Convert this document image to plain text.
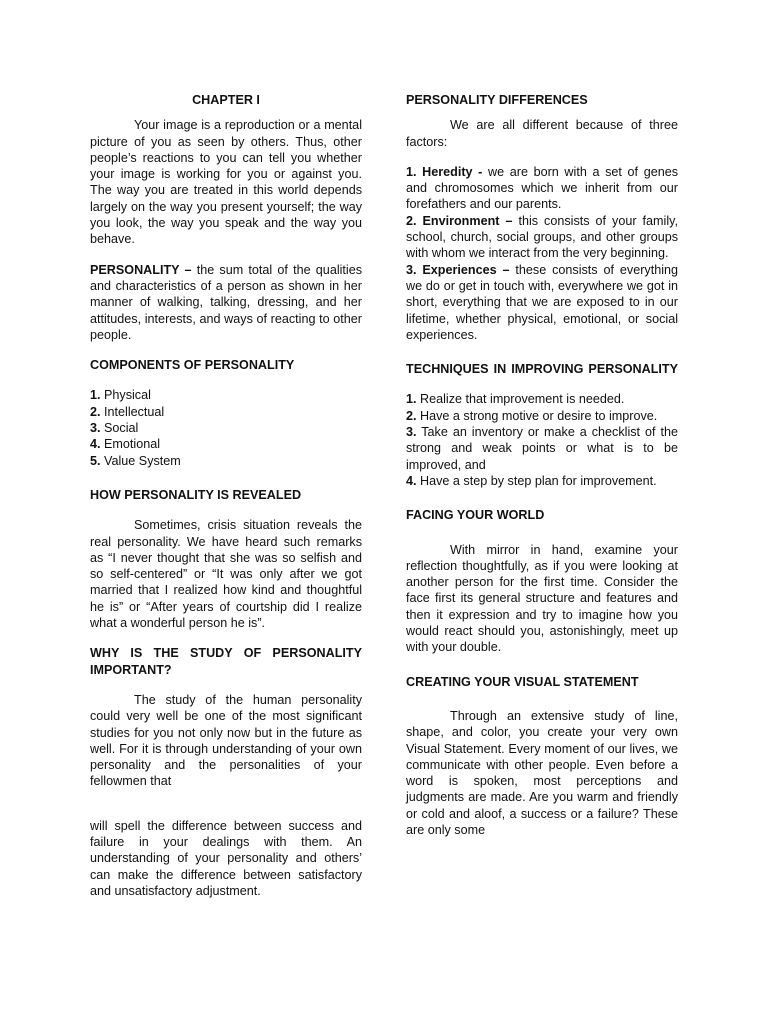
CHAPTER I

Your image is a reproduction or a mental picture of you as seen by others. Thus, other people’s reactions to you can tell you whether your image is working for you or against you. The way you are treated in this world depends largely on the way you present yourself; the way you look, the way you speak and the way you behave.

PERSONALITY – the sum total of the qualities and characteristics of a person as shown in her manner of walking, talking, dressing, and her attitudes, interests, and ways of reacting to other people.

COMPONENTS OF PERSONALITY
1. Physical
2. Intellectual
3. Social
4. Emotional
5. Value System
HOW PERSONALITY IS REVEALED

Sometimes, crisis situation reveals the real personality. We have heard such remarks as “I never thought that she was so selfish and so self-centered” or “It was only after we got married that I realized how kind and thoughtful he is” or “After years of courtship did I realize what a wonderful person he is”.

WHY IS THE STUDY OF PERSONALITY IMPORTANT?

The study of the human personality could very well be one of the most significant studies for you not only now but in the future as well. For it is through understanding of your own personality and the personalities of your fellowmen that

will spell the difference between success and failure in your dealings with them. An understanding of your personality and others’ can make the difference between satisfactory and unsatisfactory adjustment.

PERSONALITY DIFFERENCES

We are all different because of three factors:

1. Heredity - we are born with a set of genes and chromosomes which we inherit from our forefathers and our parents.

2. Environment – this consists of your family, school, church, social groups, and other groups with whom we interact from the very beginning.

3. Experiences – these consists of everything we do or get in touch with, everywhere we got in short, everything that we are exposed to in our lifetime, whether physical, emotional, or social experiences.

TECHNIQUES IN IMPROVING PERSONALITY

1. Realize that improvement is needed.

2. Have a strong motive or desire to improve.

3. Take an inventory or make a checklist of the strong and weak points or what is to be improved, and

4. Have a step by step plan for improvement.

FACING YOUR WORLD

With mirror in hand, examine your reflection thoughtfully, as if you were looking at another person for the first time. Consider the face first its general structure and features and then it expression and try to imagine how you would react should you, astonishingly, meet up with your double.

CREATING YOUR VISUAL STATEMENT

Through an extensive study of line, shape, and color, you create your very own Visual Statement. Every moment of our lives, we communicate with other people. Even before a word is spoken, most perceptions and judgments are made. Are you warm and friendly or cold and aloof, a success or a failure? These are only some
